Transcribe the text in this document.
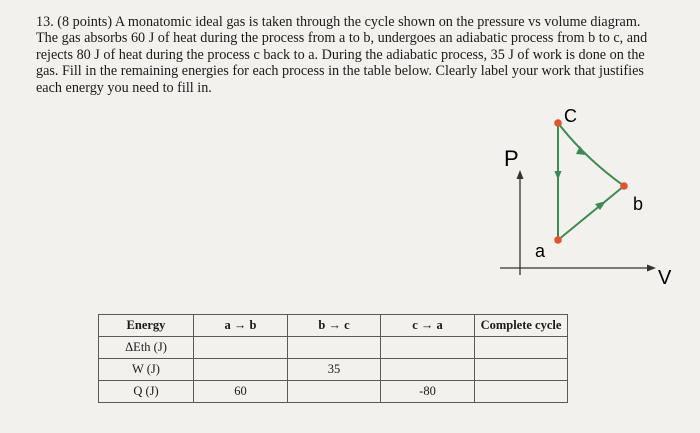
13. (8 points) A monatomic ideal gas is taken through the cycle shown on the pressure vs volume diagram. The gas absorbs 60 J of heat during the process from a to b, undergoes an adiabatic process from b to c, and rejects 80 J of heat during the process c back to a. During the adiabatic process, 35 J of work is done on the gas. Fill in the remaining energies for each process in the table below. Clearly label your work that justifies each energy you need to fill in.
P
V
C
a
b
Energy	a → b	b → c	c → a	Complete cycle
ΔEth (J)				
W (J)		35		
Q (J)	60		-80	
